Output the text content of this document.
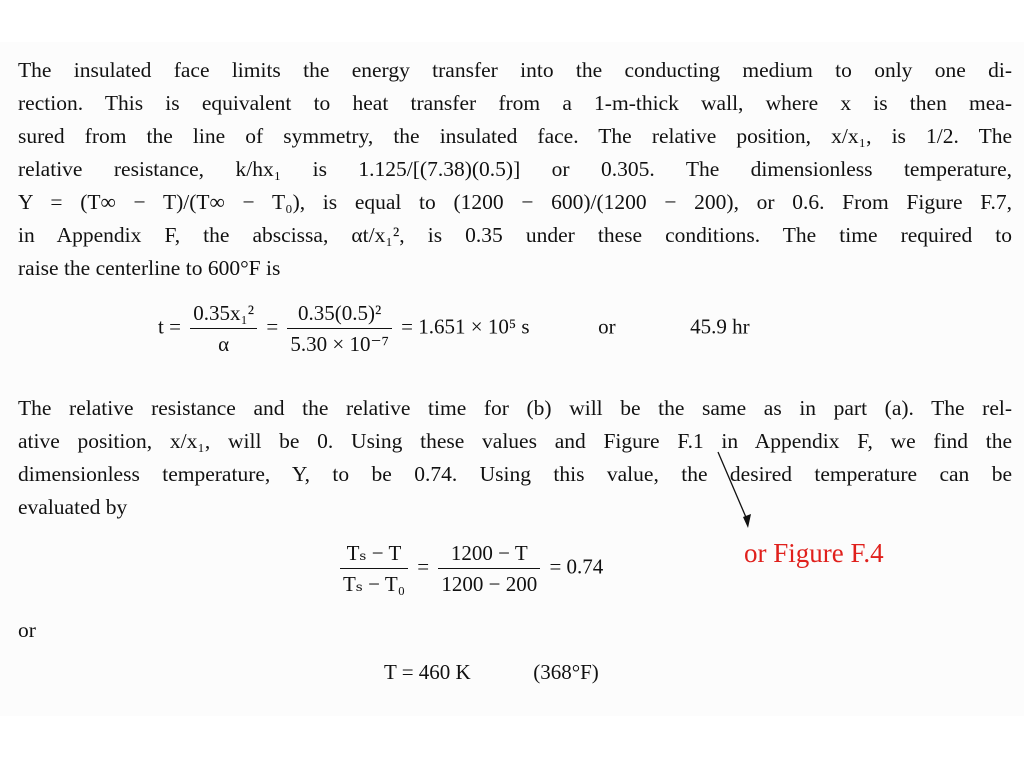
The insulated face limits the energy transfer into the conducting medium to only one di-
rection. This is equivalent to heat transfer from a 1-m-thick wall, where x is then mea-
sured from the line of symmetry, the insulated face. The relative position, x/x₁, is 1/2. The
relative resistance, k/hx₁ is 1.125/[(7.38)(0.5)] or 0.305. The dimensionless temperature,
Y = (T∞ − T)/(T∞ − T₀), is equal to (1200 − 600)/(1200 − 200), or 0.6. From Figure F.7,
in Appendix F, the abscissa, αt/x₁², is 0.35 under these conditions. The time required to
raise the centerline to 600°F is
$t = \frac{\text{0.35x₁²}}{\alpha} = \frac{\text{0.35(0.5)²}}{\text{5.30 × 10⁻⁷}} = 1.651 \times 10^5$ s	or	45.9 hr
The relative resistance and the relative time for (b) will be the same as in part (a). The rel-
ative position, x/x₁, will be 0. Using these values and Figure F.1 in Appendix F, we find the
dimensionless temperature, Y, to be 0.74. Using this value, the desired temperature can be
evaluated by
$\frac{\text{Tₛ − T}}{\text{Tₛ − T₀}} = \frac{1200 - T}{1200 - 200} = 0.74$
or
T = 460 K	(368°F)
or Figure F.4
